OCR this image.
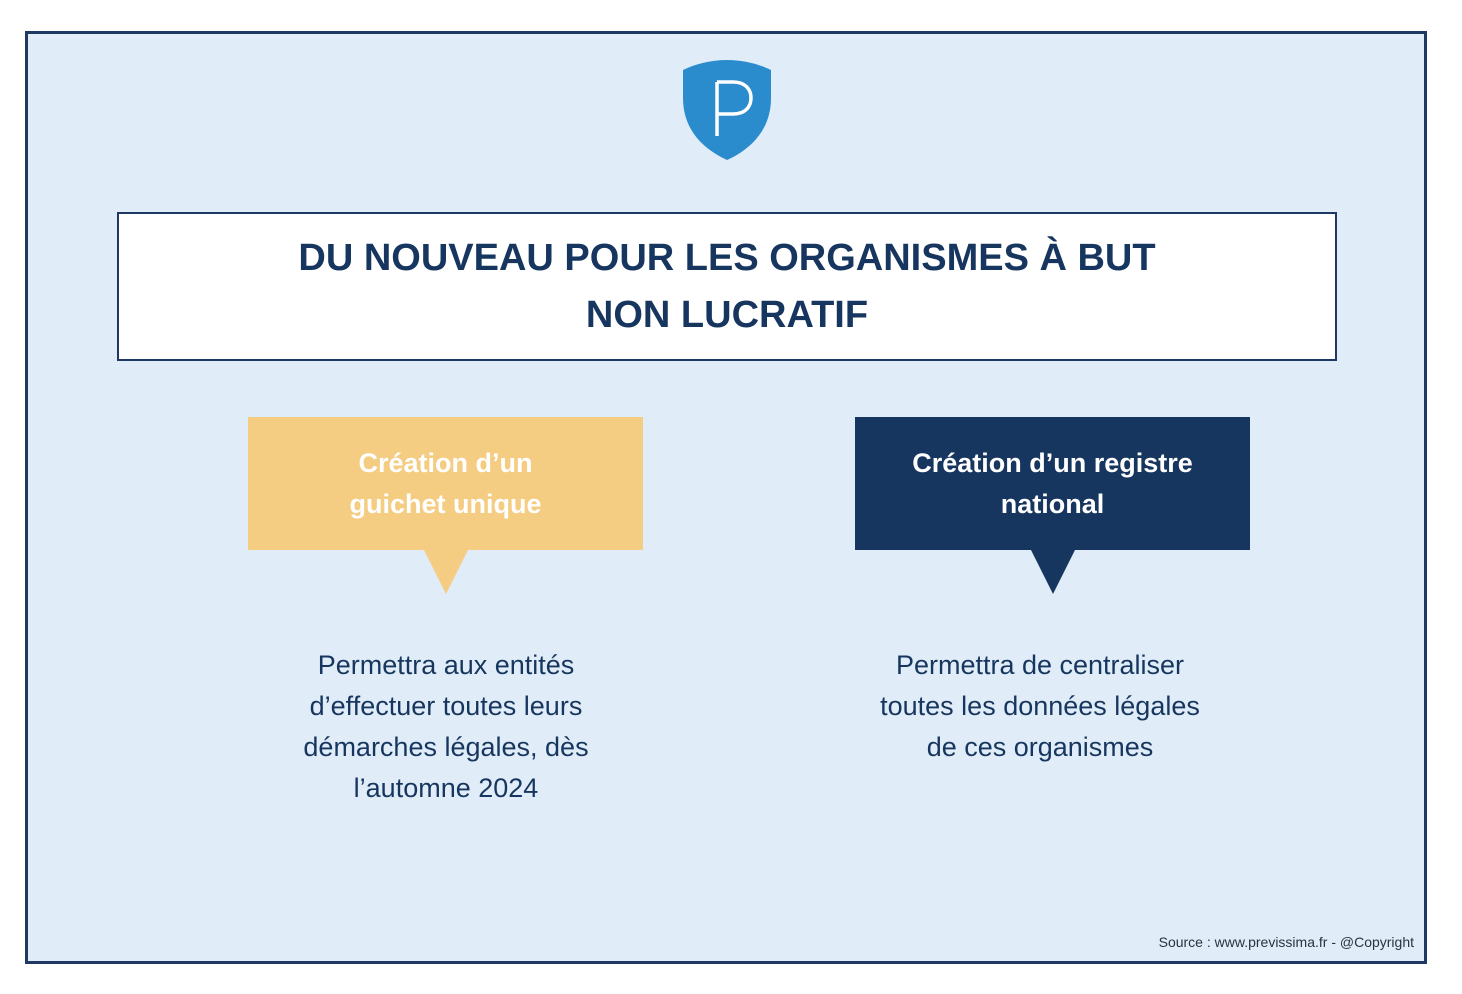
DU NOUVEAU POUR LES ORGANISMES À BUT NON LUCRATIF
Création d’un guichet unique
Création d’un registre national
Permettra aux entités d’effectuer toutes leurs démarches légales, dès l’automne 2024
Permettra de centraliser toutes les données légales de ces organismes
Source : www.previssima.fr - @Copyright
